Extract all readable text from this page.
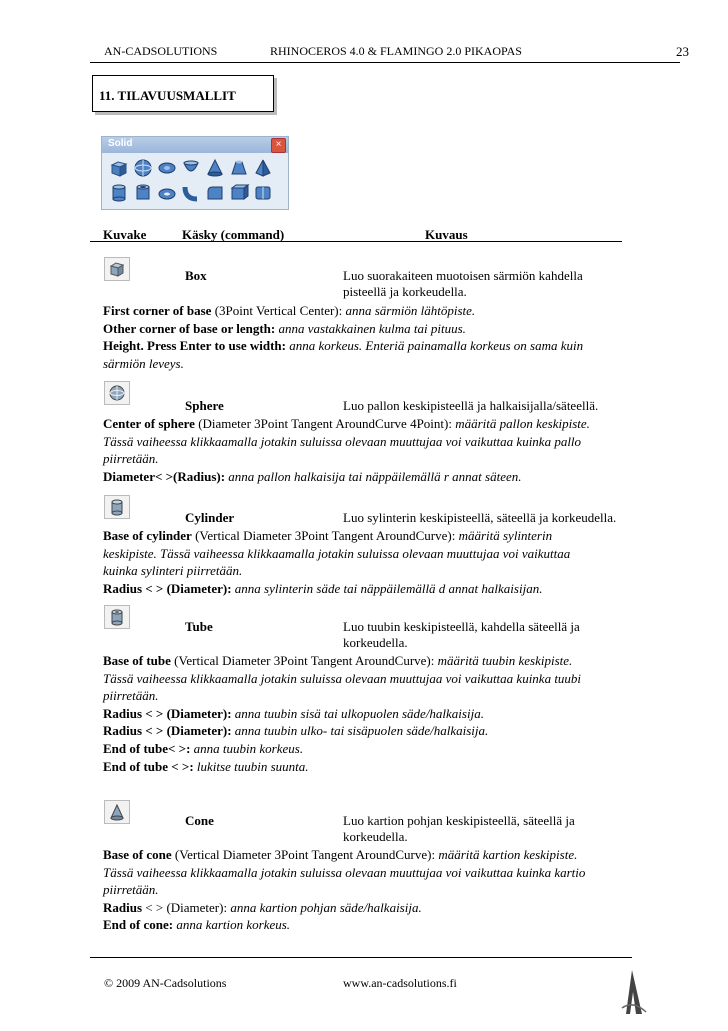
AN-CADSOLUTIONS	RHINOCEROS 4.0 & FLAMINGO 2.0 PIKAOPAS	23
11. TILAVUUSMALLIT
Solid	×
Kuvake	Käsky (command)	Kuvaus
Box	Luo suorakaiteen muotoisen särmiön kahdella
pisteellä ja korkeudella.
First corner of base (3Point Vertical Center): anna särmiön lähtöpiste.
Other corner of base or length: anna vastakkainen kulma tai pituus.
Height. Press Enter to use width: anna korkeus. Enteriä painamalla korkeus on sama kuin
särmiön leveys.
Sphere	Luo pallon keskipisteellä ja halkaisijalla/säteellä.
Center of sphere (Diameter 3Point Tangent AroundCurve 4Point): määritä pallon keskipiste.
Tässä vaiheessa klikkaamalla jotakin suluissa olevaan muuttujaa voi vaikuttaa kuinka pallo
piirretään.
Diameter< >(Radius): anna pallon halkaisija tai näppäilemällä r annat säteen.
Cylinder	Luo sylinterin keskipisteellä, säteellä ja korkeudella.
Base of cylinder (Vertical Diameter 3Point Tangent AroundCurve): määritä sylinterin
keskipiste. Tässä vaiheessa klikkaamalla jotakin suluissa olevaan muuttujaa voi vaikuttaa
kuinka sylinteri piirretään.
Radius < > (Diameter): anna sylinterin säde tai näppäilemällä d annat halkaisijan.
Tube	Luo tuubin keskipisteellä, kahdella säteellä ja
korkeudella.
Base of tube (Vertical Diameter 3Point Tangent AroundCurve): määritä tuubin keskipiste.
Tässä vaiheessa klikkaamalla jotakin suluissa olevaan muuttujaa voi vaikuttaa kuinka tuubi
piirretään.
Radius < > (Diameter): anna tuubin sisä tai ulkopuolen säde/halkaisija.
Radius < > (Diameter): anna tuubin ulko- tai sisäpuolen säde/halkaisija.
End of tube< >: anna tuubin korkeus.
End of tube < >: lukitse tuubin suunta.
Cone	Luo kartion pohjan keskipisteellä, säteellä ja
korkeudella.
Base of cone (Vertical Diameter 3Point Tangent AroundCurve): määritä kartion keskipiste.
Tässä vaiheessa klikkaamalla jotakin suluissa olevaan muuttujaa voi vaikuttaa kuinka kartio
piirretään.
Radius < > (Diameter): anna kartion pohjan säde/halkaisija.
End of cone: anna kartion korkeus.
© 2009 AN-Cadsolutions	www.an-cadsolutions.fi
